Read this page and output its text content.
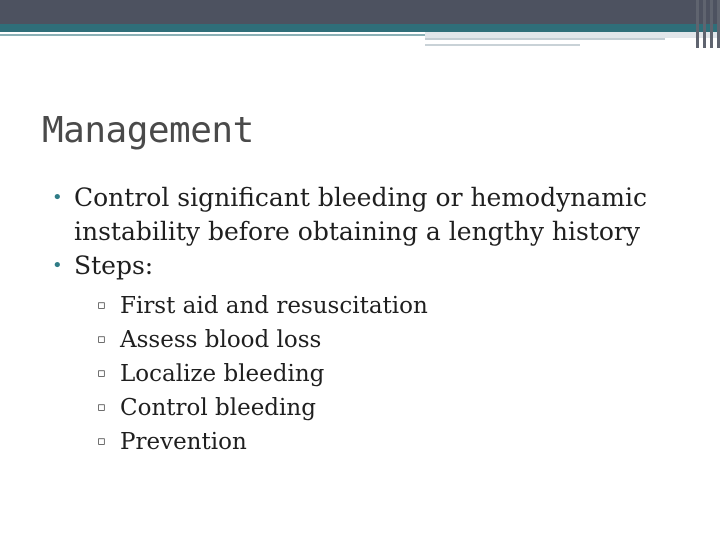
Management
• Control significant bleeding or hemodynamic instability before obtaining a lengthy history
• Steps:
▫ First aid and resuscitation
▫ Assess blood loss
▫ Localize bleeding
▫ Control bleeding
▫ Prevention
